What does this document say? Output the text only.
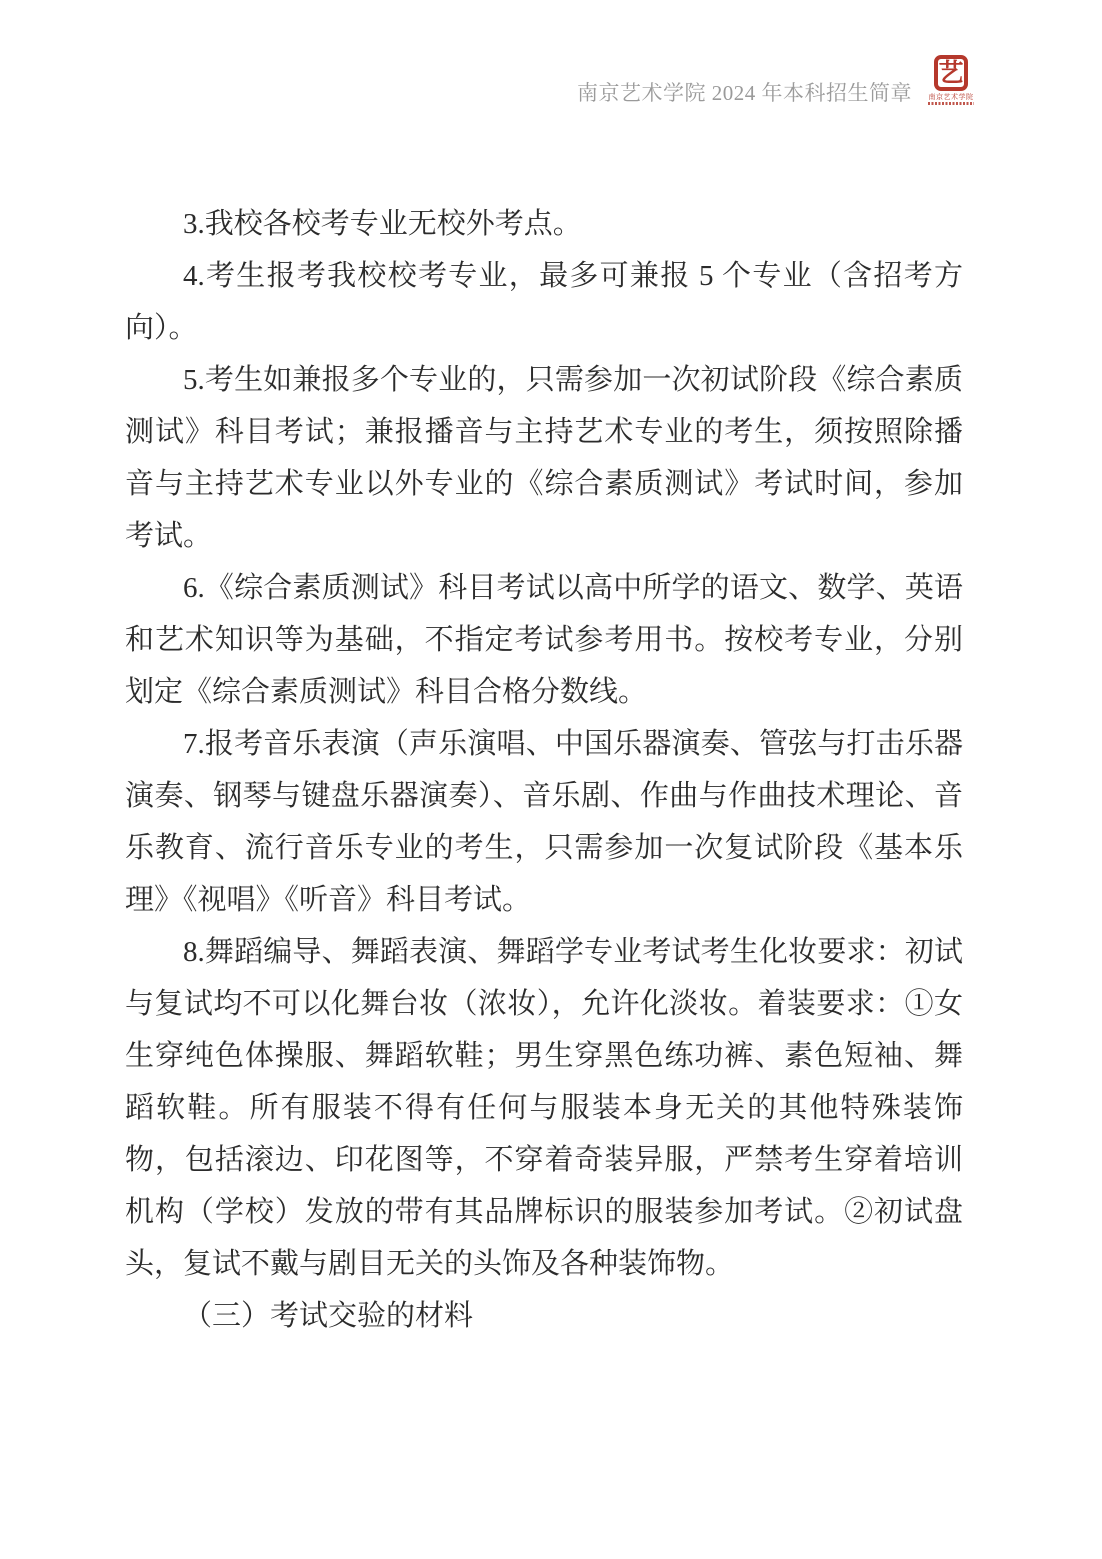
南京艺术学院 2024 年本科招生简章
艺
南京艺术学院

3.我校各校考专业无校外考点。

4.考生报考我校校考专业，最多可兼报 5 个专业（含招考方向）。

5.考生如兼报多个专业的，只需参加一次初试阶段《综合素质测试》科目考试；兼报播音与主持艺术专业的考生，须按照除播音与主持艺术专业以外专业的《综合素质测试》考试时间，参加考试。

6.《综合素质测试》科目考试以高中所学的语文、数学、英语和艺术知识等为基础，不指定考试参考用书。按校考专业，分别划定《综合素质测试》科目合格分数线。

7.报考音乐表演（声乐演唱、中国乐器演奏、管弦与打击乐器演奏、钢琴与键盘乐器演奏）、音乐剧、作曲与作曲技术理论、音乐教育、流行音乐专业的考生，只需参加一次复试阶段《基本乐理》《视唱》《听音》科目考试。

8.舞蹈编导、舞蹈表演、舞蹈学专业考试考生化妆要求：初试与复试均不可以化舞台妆（浓妆），允许化淡妆。着装要求：①女生穿纯色体操服、舞蹈软鞋；男生穿黑色练功裤、素色短袖、舞蹈软鞋。所有服装不得有任何与服装本身无关的其他特殊装饰物，包括滚边、印花图等，不穿着奇装异服，严禁考生穿着培训机构（学校）发放的带有其品牌标识的服装参加考试。②初试盘头，复试不戴与剧目无关的头饰及各种装饰物。

（三）考试交验的材料
